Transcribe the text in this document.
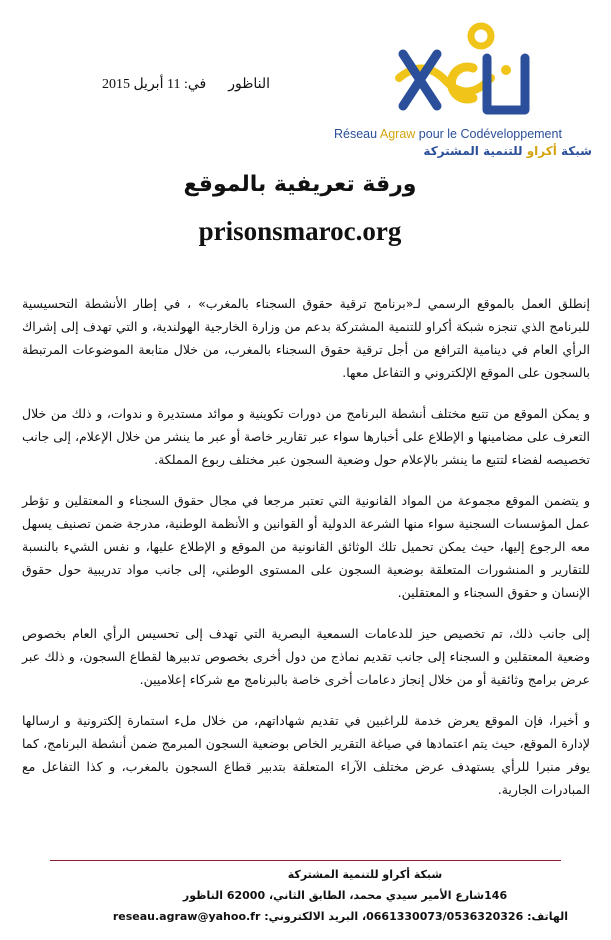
الناظورفي: 11 أبريل 2015
Réseau Agraw pour le Codéveloppement
شبكة أكراو للتنمية المشتركة
ورقة تعريفية بالموقع
prisonsmaroc.org

إنطلق العمل بالموقع الرسمي لـ«برنامج ترقية حقوق السجناء بالمغرب» ، في إطار الأنشطة التحسيسية للبرنامج الذي تنجزه شبكة أكراو للتنمية المشتركة بدعم من وزارة الخارجية الهولندية، و التي تهدف إلى إشراك الرأي العام في دينامية الترافع من أجل ترقية حقوق السجناء بالمغرب، من خلال متابعة الموضوعات المرتبطة بالسجون على الموقع الإلكتروني و التفاعل معها.

و يمكن الموقع من تتبع مختلف أنشطة البرنامج من دورات تكوينية و موائد مستديرة و ندوات، و ذلك من خلال التعرف على مضامينها و الإطلاع على أخبارها سواء عبر تقارير خاصة أو عبر ما ينشر من خلال الإعلام، إلى جانب تخصيصه لفضاء لتتبع ما ينشر بالإعلام حول وضعية السجون عبر مختلف ربوع المملكة.

و يتضمن الموقع مجموعة من المواد القانونية التي تعتبر مرجعا في مجال حقوق السجناء و المعتقلين و تؤطر عمل المؤسسات السجنية سواء منها الشرعة الدولية أو القوانين و الأنظمة الوطنية، مدرجة ضمن تصنيف يسهل معه الرجوع إليها، حيث يمكن تحميل تلك الوثائق القانونية من الموقع و الإطلاع عليها، و نفس الشيء بالنسبة للتقارير و المنشورات المتعلقة بوضعية السجون على المستوى الوطني، إلى جانب مواد تدريبية حول حقوق الإنسان و حقوق السجناء و المعتقلين.

إلى جانب ذلك، تم تخصيص حيز للدعامات السمعية البصرية التي تهدف إلى تحسيس الرأي العام بخصوص وضعية المعتقلين و السجناء إلى جانب تقديم نماذج من دول أخرى بخصوص تدبيرها لقطاع السجون، و ذلك عبر عرض برامج وثائقية أو من خلال إنجاز دعامات أخرى خاصة بالبرنامج مع شركاء إعلاميين.

و أخيرا، فإن الموقع يعرض خدمة للراغبين في تقديم شهاداتهم، من خلال ملء استمارة إلكترونية و ارسالها لإدارة الموقع، حيث يتم اعتمادها في صياغة التقرير الخاص بوضعية السجون المبرمج ضمن أنشطة البرنامج، كما يوفر منبرا للرأي يستهدف عرض مختلف الآراء المتعلقة بتدبير قطاع السجون بالمغرب، و كذا التفاعل مع المبادرات الجارية.

شبكة أكراو للتنمية المشتركة
146شارع الأمير سيدي محمد، الطابق الثاني، 62000 الناظور
الهاتف: 0661330073/0536320326، البريد الالكتروني: reseau.agraw@yahoo.fr
